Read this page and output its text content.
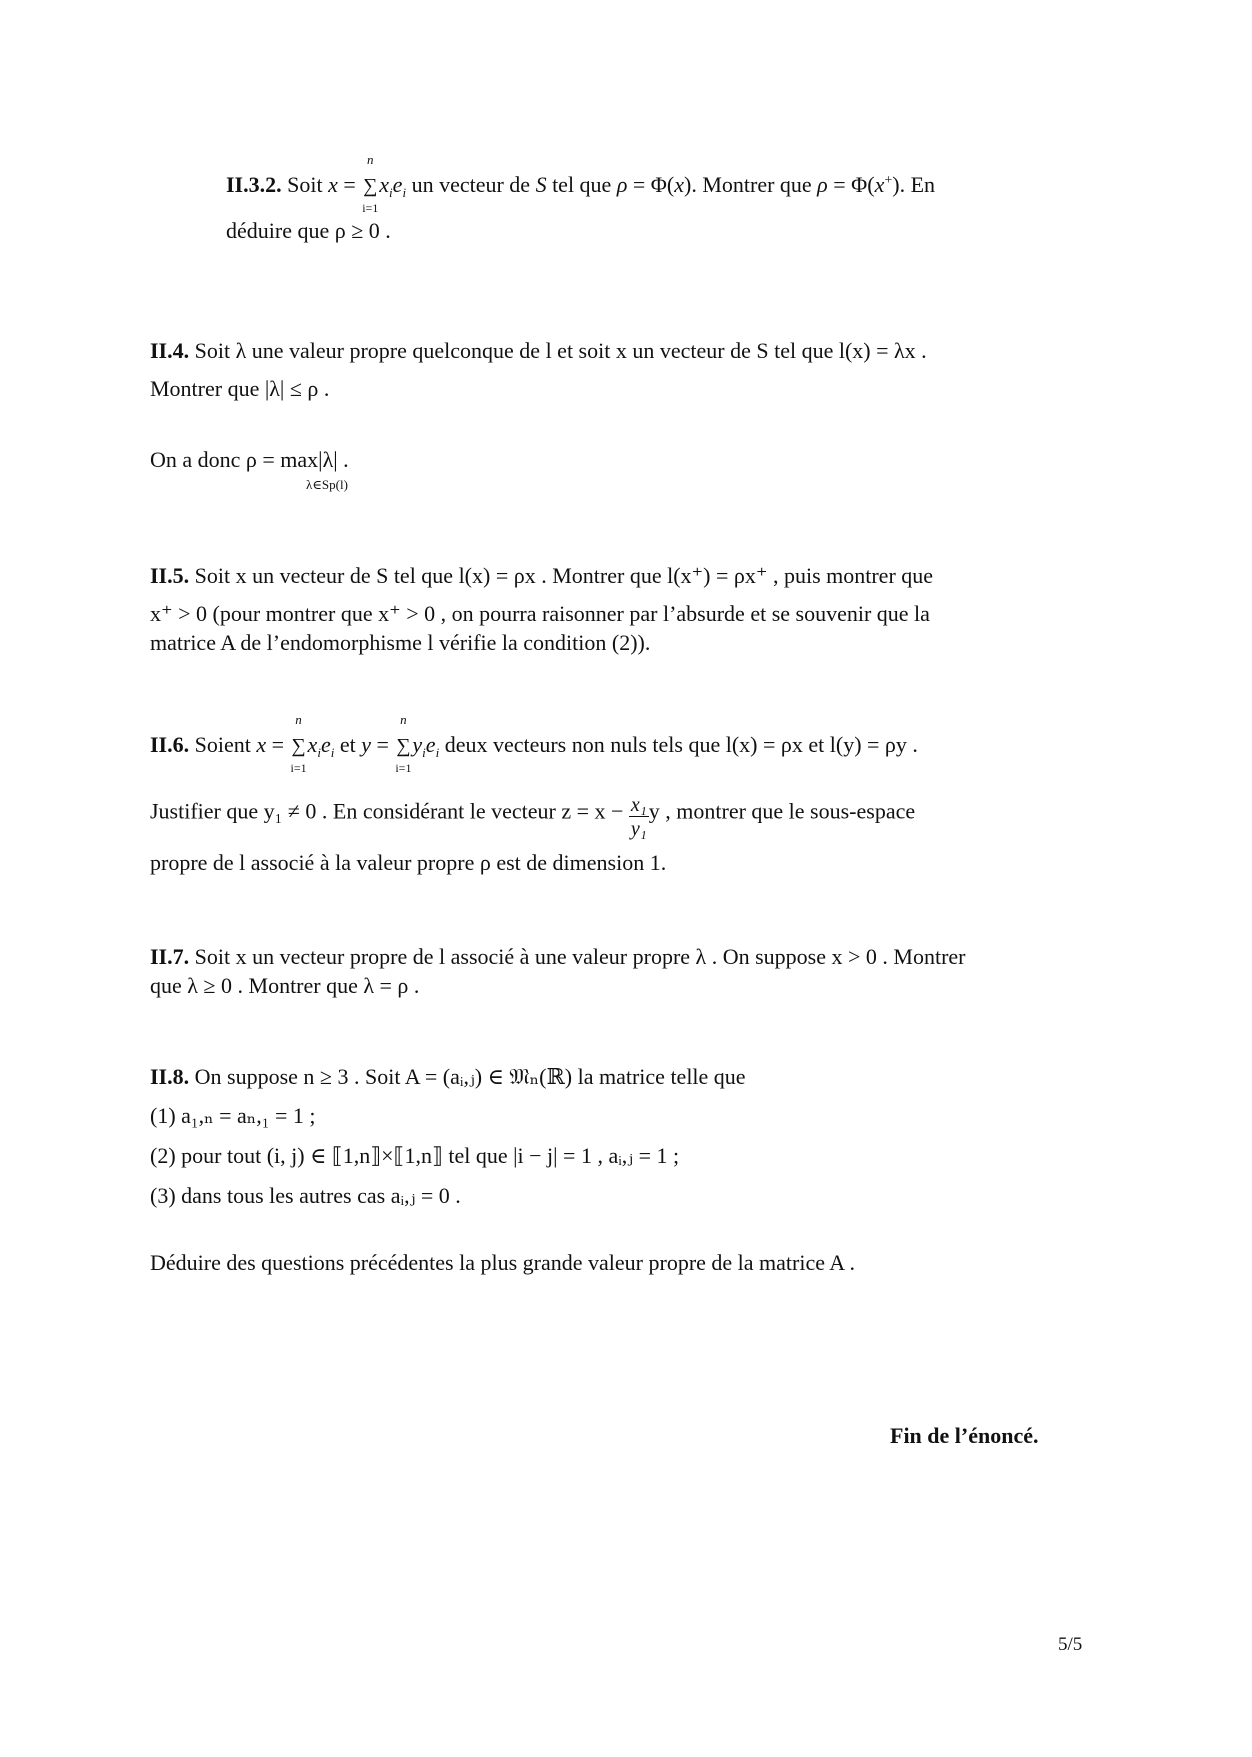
II.3.2. Soit x =
n
∑
i=1
$x_ie_i$ un vecteur de S tel que ρ = Φ(x). Montrer que ρ = Φ(x+). En
déduire que ρ ≥ 0 .
II.4. Soit λ une valeur propre quelconque de l et soit x un vecteur de S tel que l(x) = λx .
Montrer que |λ| ≤ ρ .
On a donc ρ = max|λ| .
λ∈Sp(l)
II.5. Soit x un vecteur de S tel que l(x) = ρx . Montrer que l(x⁺) = ρx⁺ , puis montrer que
x⁺ > 0 (pour montrer que x⁺ > 0 , on pourra raisonner par l’absurde et se souvenir que la
matrice A de l’endomorphisme l vérifie la condition (2)).
II.6. Soient x =
n
∑
i=1
$x_ie_i$ et y =
n
∑
i=1
$y_ie_i$ deux vecteurs non nuls tels que l(x) = ρx et l(y) = ρy .
Justifier que y₁ ≠ 0 . En considérant le vecteur $z = x - \frac{\text{x₁}}{\text{y₁}}$ y , montrer que le sous-espace
propre de l associé à la valeur propre ρ est de dimension 1.
II.7. Soit x un vecteur propre de l associé à une valeur propre λ . On suppose x > 0 . Montrer
que λ ≥ 0 . Montrer que λ = ρ .
II.8. On suppose n ≥ 3 . Soit A = (aᵢ,ⱼ) ∈ 𝔐ₙ(ℝ) la matrice telle que
(1) a₁,ₙ = aₙ,₁ = 1 ;
(2) pour tout (i, j) ∈ ⟦1,n⟧×⟦1,n⟧ tel que |i − j| = 1 , aᵢ,ⱼ = 1 ;
(3) dans tous les autres cas aᵢ,ⱼ = 0 .
Déduire des questions précédentes la plus grande valeur propre de la matrice A .
Fin de l’énoncé.
5/5
